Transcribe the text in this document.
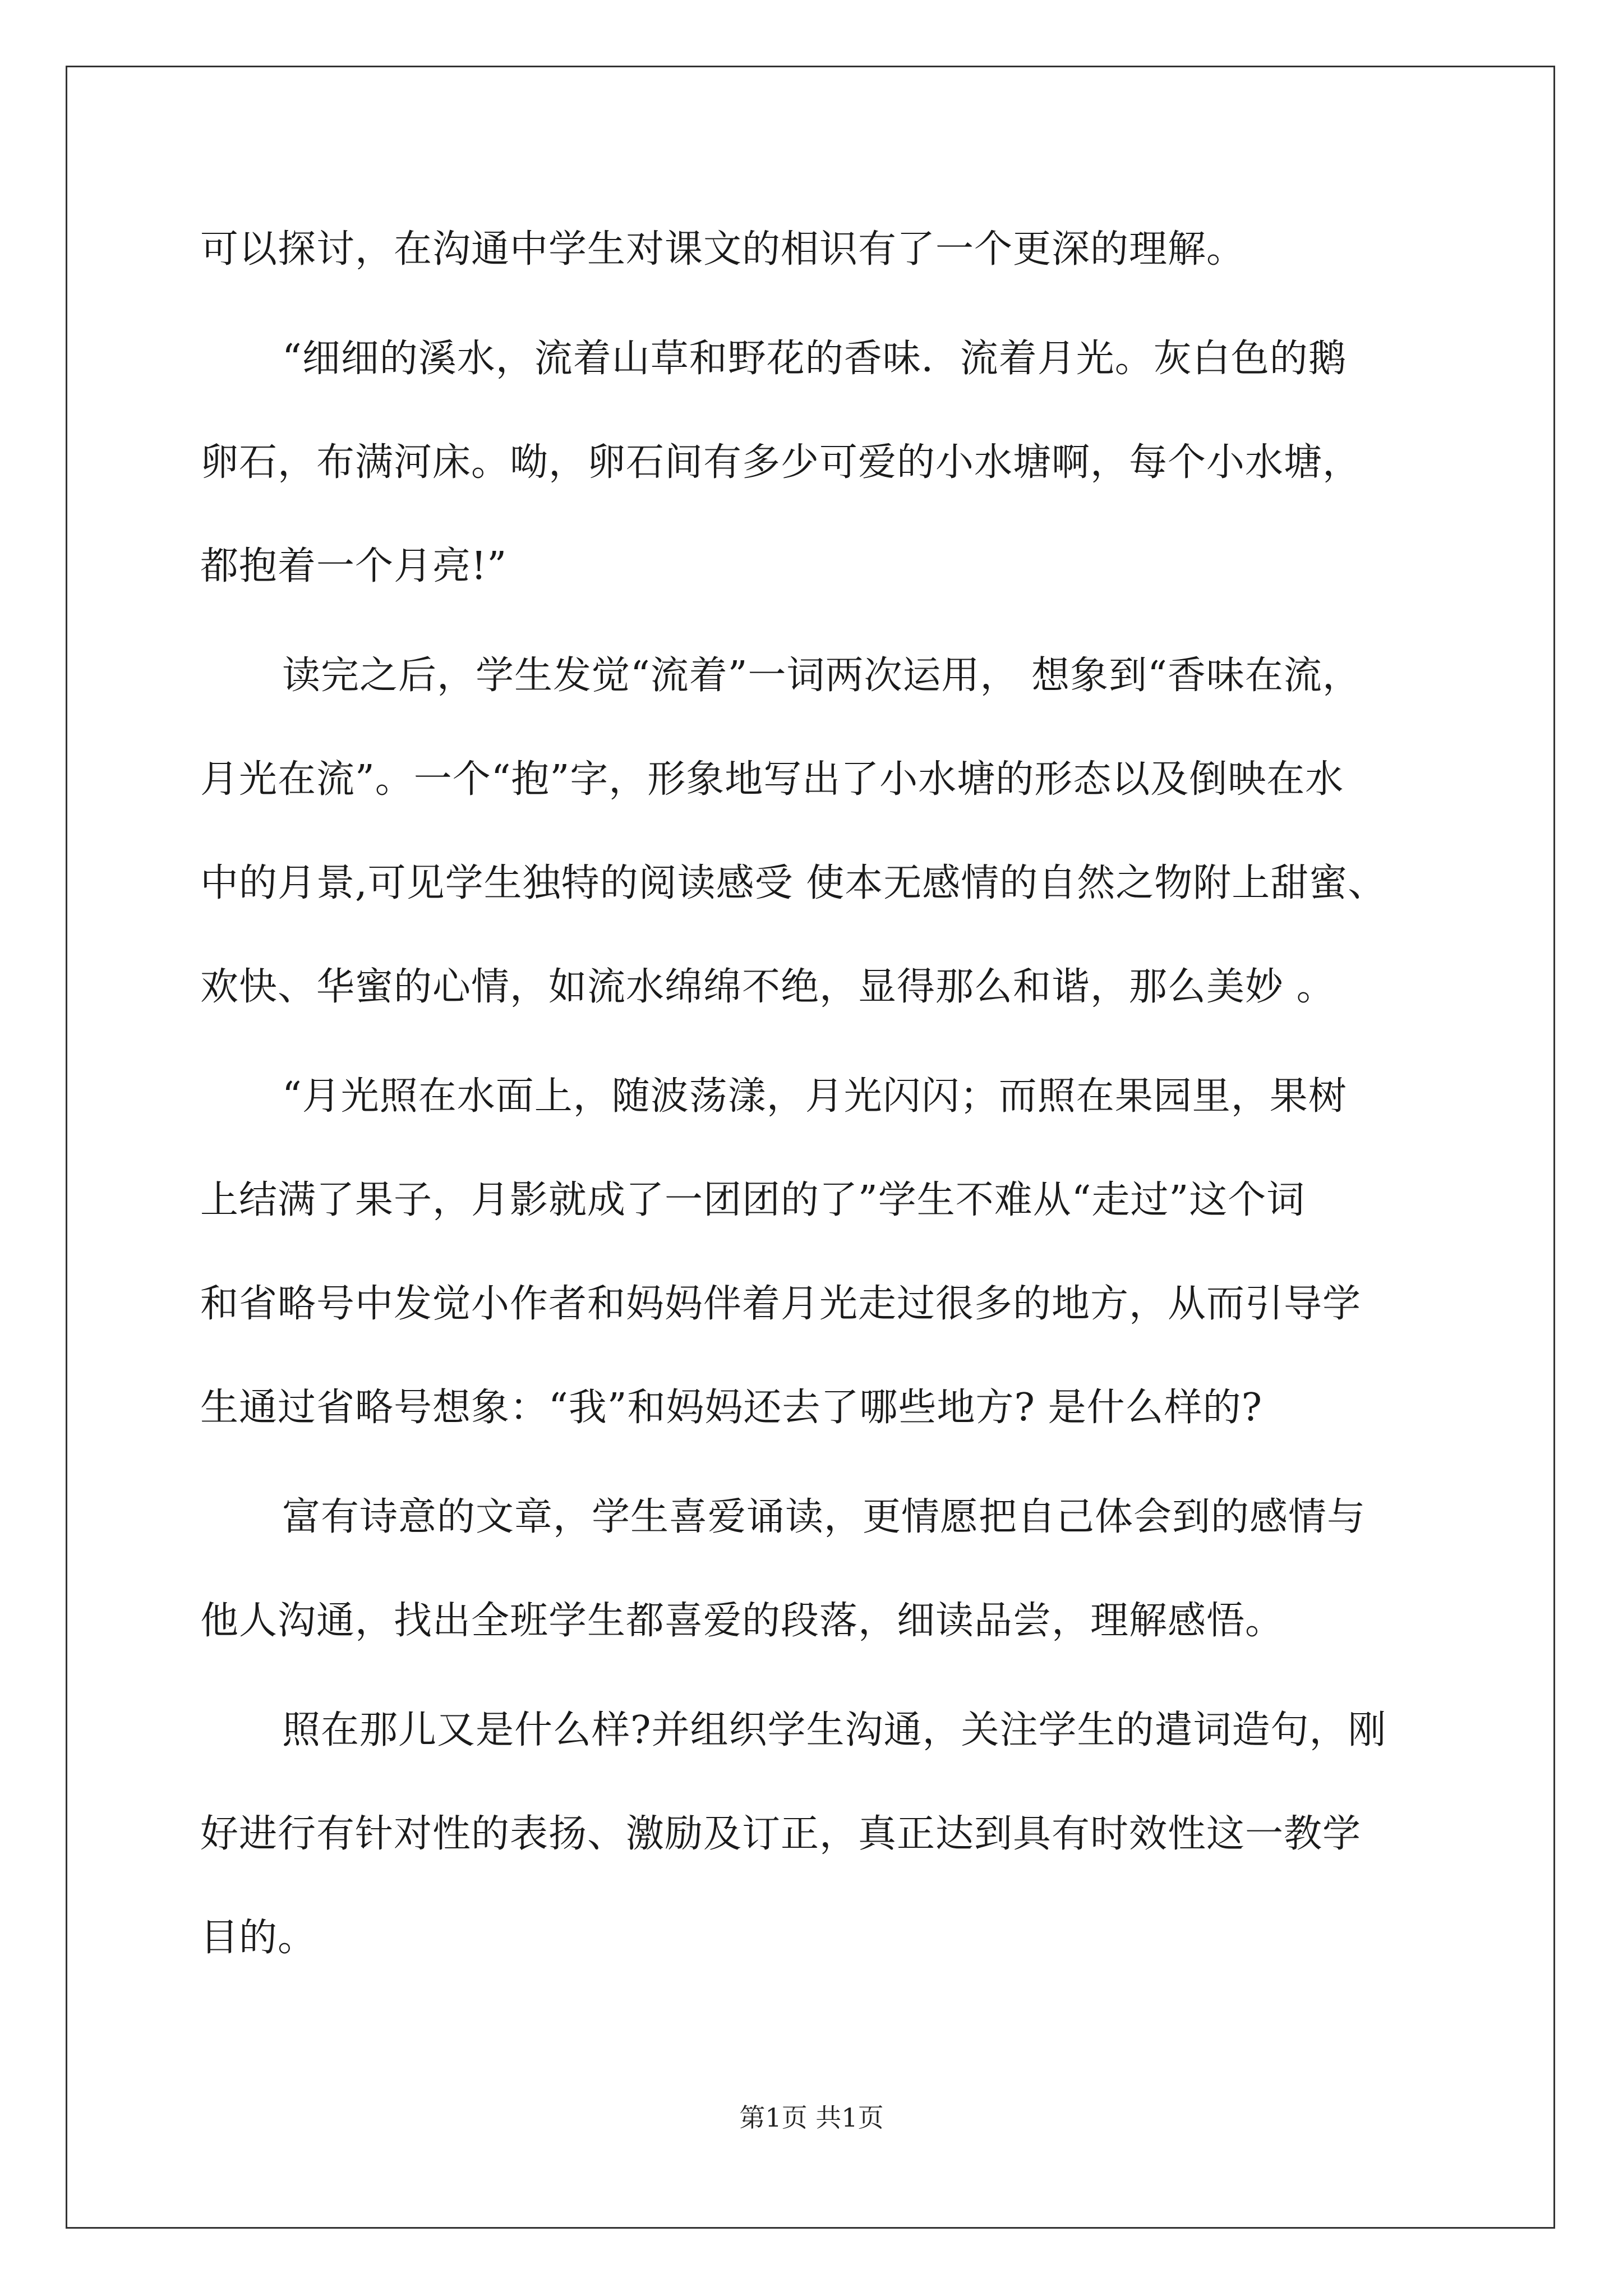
可以探讨，在沟通中学生对课文的相识有了一个更深的理解。
“细细的溪水，流着山草和野花的香味．流着月光。灰白色的鹅
卵石，布满河床。呦，卵石间有多少可爱的小水塘啊，每个小水塘，
都抱着一个月亮!”
读完之后，学生发觉“流着”一词两次运用， 想象到“香味在流，
月光在流”。一个“抱”字，形象地写出了小水塘的形态以及倒映在水
中的月景,可见学生独特的阅读感受 使本无感情的自然之物附上甜蜜、
欢快、华蜜的心情，如流水绵绵不绝，显得那么和谐，那么美妙 。
“月光照在水面上，随波荡漾，月光闪闪；而照在果园里，果树
上结满了果子，月影就成了一团团的了”学生不难从“走过”这个词
和省略号中发觉小作者和妈妈伴着月光走过很多的地方，从而引导学
生通过省略号想象：“我”和妈妈还去了哪些地方? 是什么样的?
富有诗意的文章，学生喜爱诵读，更情愿把自己体会到的感情与
他人沟通，找出全班学生都喜爱的段落，细读品尝，理解感悟。
照在那儿又是什么样?并组织学生沟通，关注学生的遣词造句，刚
好进行有针对性的表扬、激励及订正，真正达到具有时效性这一教学
目的。
第1页 共1页
